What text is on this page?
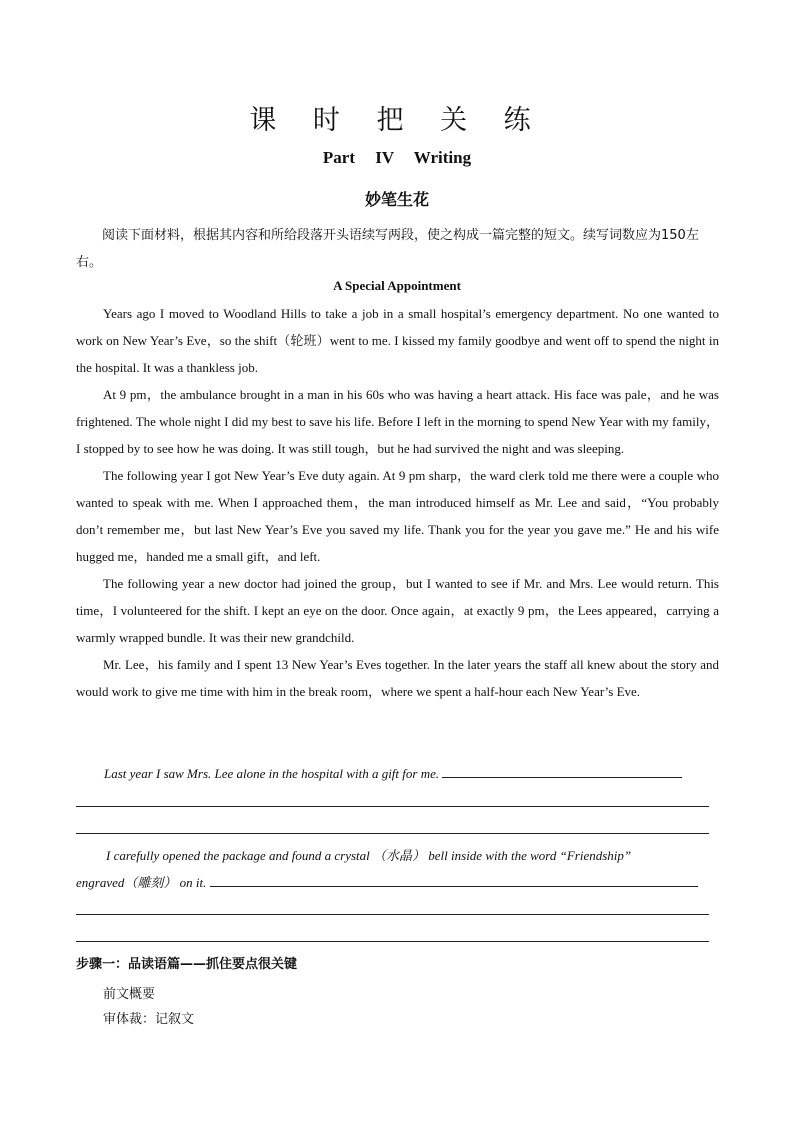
课 时 把 关 练
Part IV Writing
妙笔生花
阅读下面材料，根据其内容和所给段落开头语续写两段，使之构成一篇完整的短文。续写词数应为150左右。
A Special Appointment

Years ago I moved to Woodland Hills to take a job in a small hospital’s emergency department. No one wanted to work on New Year’s Eve，so the shift（轮班）went to me. I kissed my family goodbye and went off to spend the night in the hospital. It was a thankless job.

At 9 pm，the ambulance brought in a man in his 60s who was having a heart attack. His face was pale，and he was frightened. The whole night I did my best to save his life. Before I left in the morning to spend New Year with my family，I stopped by to see how he was doing. It was still tough，but he had survived the night and was sleeping.

The following year I got New Year’s Eve duty again. At 9 pm sharp，the ward clerk told me there were a couple who wanted to speak with me. When I approached them，the man introduced himself as Mr. Lee and said，“You probably don’t remember me，but last New Year’s Eve you saved my life. Thank you for the year you gave me.” He and his wife hugged me，handed me a small gift，and left.

The following year a new doctor had joined the group，but I wanted to see if Mr. and Mrs. Lee would return. This time，I volunteered for the shift. I kept an eye on the door. Once again，at exactly 9 pm，the Lees appeared，carrying a warmly wrapped bundle. It was their new grandchild.

Mr. Lee，his family and I spent 13 New Year’s Eves together. In the later years the staff all knew about the story and would work to give me time with him in the break room，where we spent a half-hour each New Year’s Eve.

Last year I saw Mrs. Lee alone in the hospital with a gift for me.
I carefully opened the package and found a crystal （水晶） bell inside with the word “Friendship”
engraved（雕刻） on it.
步骤一：品读语篇——抓住要点很关键
前文概要
审体裁：记叙文
